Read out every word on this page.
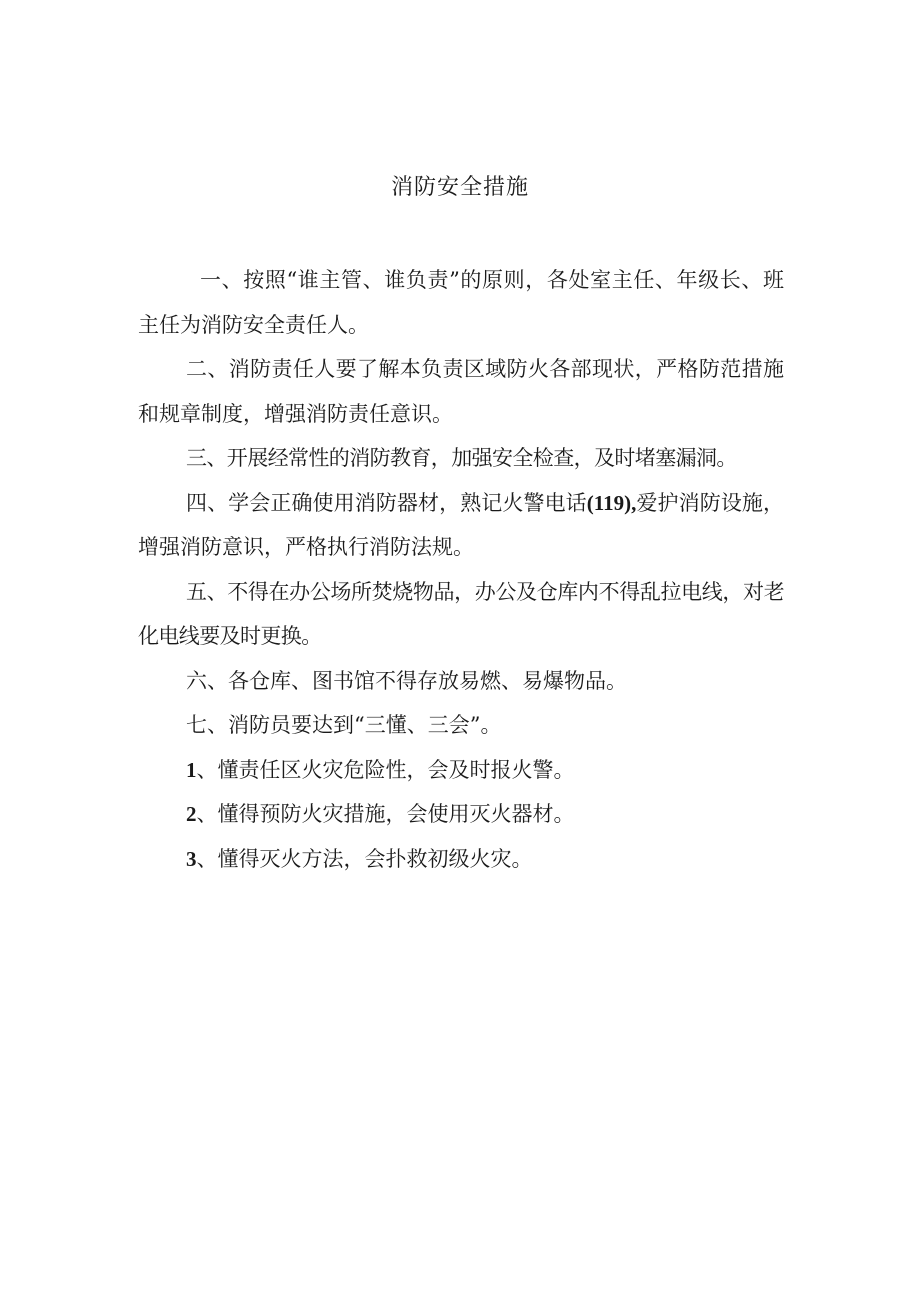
消防安全措施

一、按照“谁主管、谁负责”的原则，各处室主任、年级长、班主任为消防安全责任人。

二、消防责任人要了解本负责区域防火各部现状，严格防范措施和规章制度，增强消防责任意识。

三、开展经常性的消防教育，加强安全检查，及时堵塞漏洞。

四、学会正确使用消防器材，熟记火警电话(119),爱护消防设施，增强消防意识，严格执行消防法规。

五、不得在办公场所焚烧物品，办公及仓库内不得乱拉电线，对老化电线要及时更换。

六、各仓库、图书馆不得存放易燃、易爆物品。

七、消防员要达到“三懂、三会”。

1、懂责任区火灾危险性，会及时报火警。

2、懂得预防火灾措施，会使用灭火器材。

3、懂得灭火方法，会扑救初级火灾。
